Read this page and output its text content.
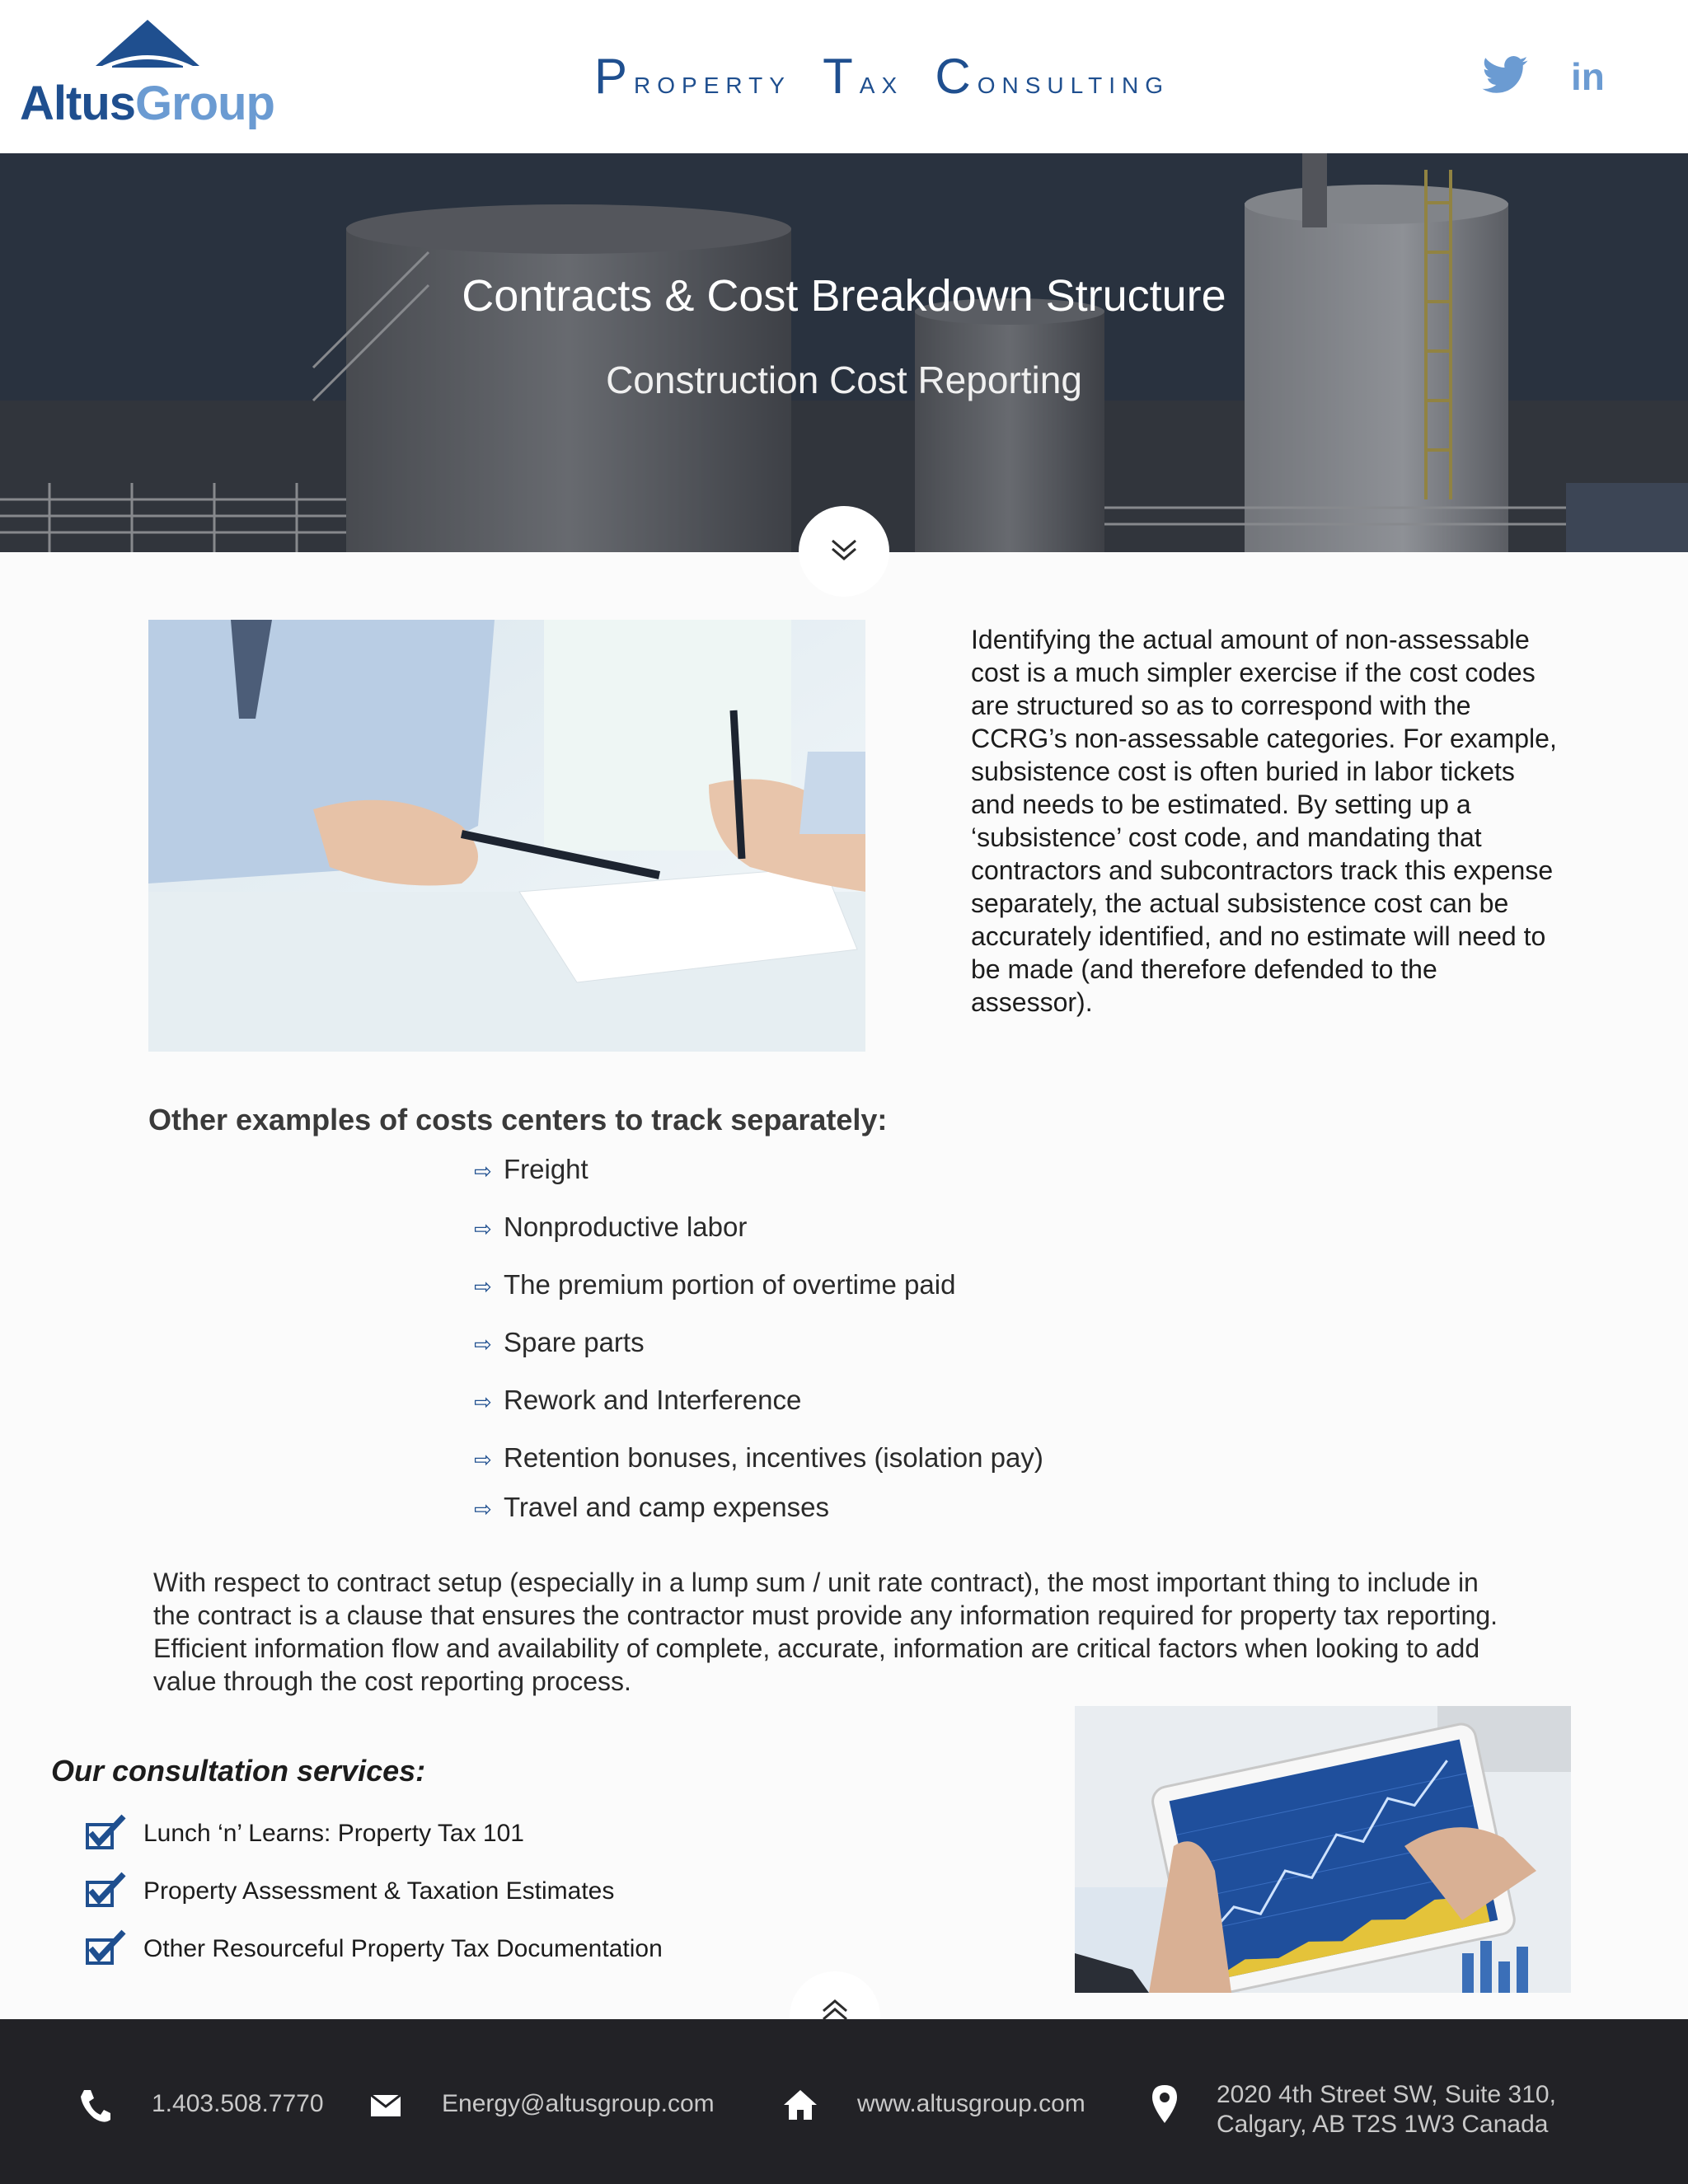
AltusGroup	Property Tax Consulting	in
Contracts & Cost Breakdown Structure
Construction Cost Reporting
Identifying the actual amount of non-assessable cost is a much simpler exercise if the cost codes are structured so as to correspond with the CCRG’s non-assessable categories. For example, subsistence cost is often buried in labor tickets and needs to be estimated. By setting up a ‘subsistence’ cost code, and mandating that contractors and subcontractors track this expense separately, the actual subsistence cost can be accurately identified, and no estimate will need to be made (and therefore defended to the assessor).
Other examples of costs centers to track separately:
⇨ Freight
⇨ Nonproductive labor
⇨ The premium portion of overtime paid
⇨ Spare parts
⇨ Rework and Interference
⇨ Retention bonuses, incentives (isolation pay)
⇨ Travel and camp expenses
With respect to contract setup (especially in a lump sum / unit rate contract), the most important thing to include in the contract is a clause that ensures the contractor must provide any information required for property tax reporting. Efficient information flow and availability of complete, accurate, information are critical factors when looking to add value through the cost reporting process.
Our consultation services:
Lunch ‘n’ Learns: Property Tax 101
Property Assessment & Taxation Estimates
Other Resourceful Property Tax Documentation
1.403.508.7770	Energy@altusgroup.com	www.altusgroup.com	2020 4th Street SW, Suite 310,
Calgary, AB T2S 1W3 Canada
